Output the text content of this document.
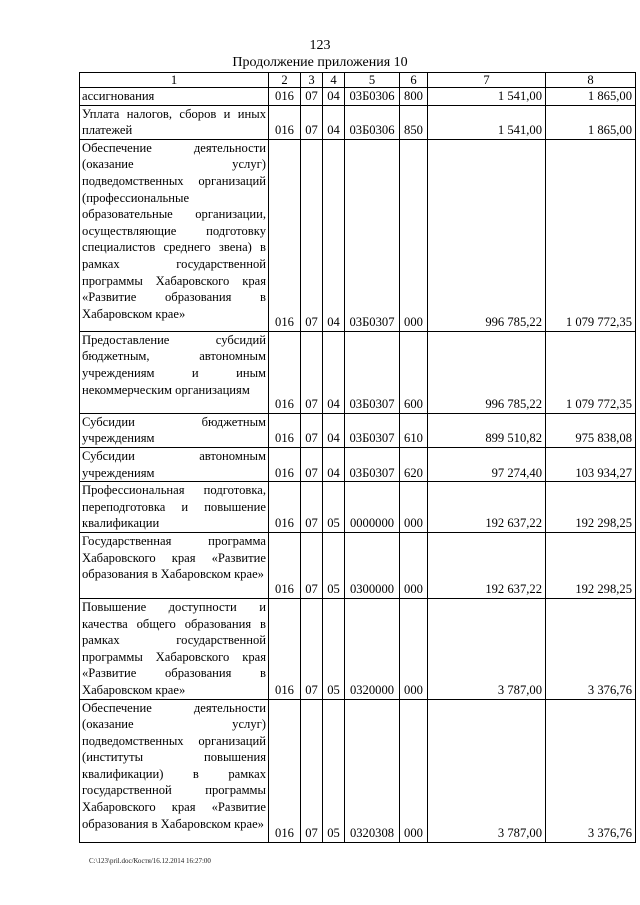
123
Продолжение приложения 10
1	2	3	4	5	6	7	8
ассигнования	016	07	04	03Б0306	800	1 541,00	1 865,00
Уплата налогов, сборов и иных платежей	016	07	04	03Б0306	850	1 541,00	1 865,00
Обеспечение деятельности (оказание услуг) подведомственных организаций (профессиональные образовательные организации, осуществляющие подготовку специалистов среднего звена) в рамках государственной программы Хабаровского края «Развитие образования в Хабаровском крае»	016	07	04	03Б0307	000	996 785,22	1 079 772,35
Предоставление субсидий бюджетным, автономным учреждениям и иным некоммерческим организациям	016	07	04	03Б0307	600	996 785,22	1 079 772,35
Субсидии бюджетным учреждениям	016	07	04	03Б0307	610	899 510,82	975 838,08
Субсидии автономным учреждениям	016	07	04	03Б0307	620	97 274,40	103 934,27
Профессиональная подготовка, переподготовка и повышение квалификации	016	07	05	0000000	000	192 637,22	192 298,25
Государственная программа Хабаровского края «Развитие образования в Хабаровском крае»	016	07	05	0300000	000	192 637,22	192 298,25
Повышение доступности и качества общего образования в рамках государственной программы Хабаровского края «Развитие образования в Хабаровском крае»	016	07	05	0320000	000	3 787,00	3 376,76
Обеспечение деятельности (оказание услуг) подведомственных организаций (институты повышения квалификации) в рамках государственной программы Хабаровского края «Развитие образования в Хабаровском крае»	016	07	05	0320308	000	3 787,00	3 376,76
C:\123\pril.doc/Костя/16.12.2014 16:27:00
